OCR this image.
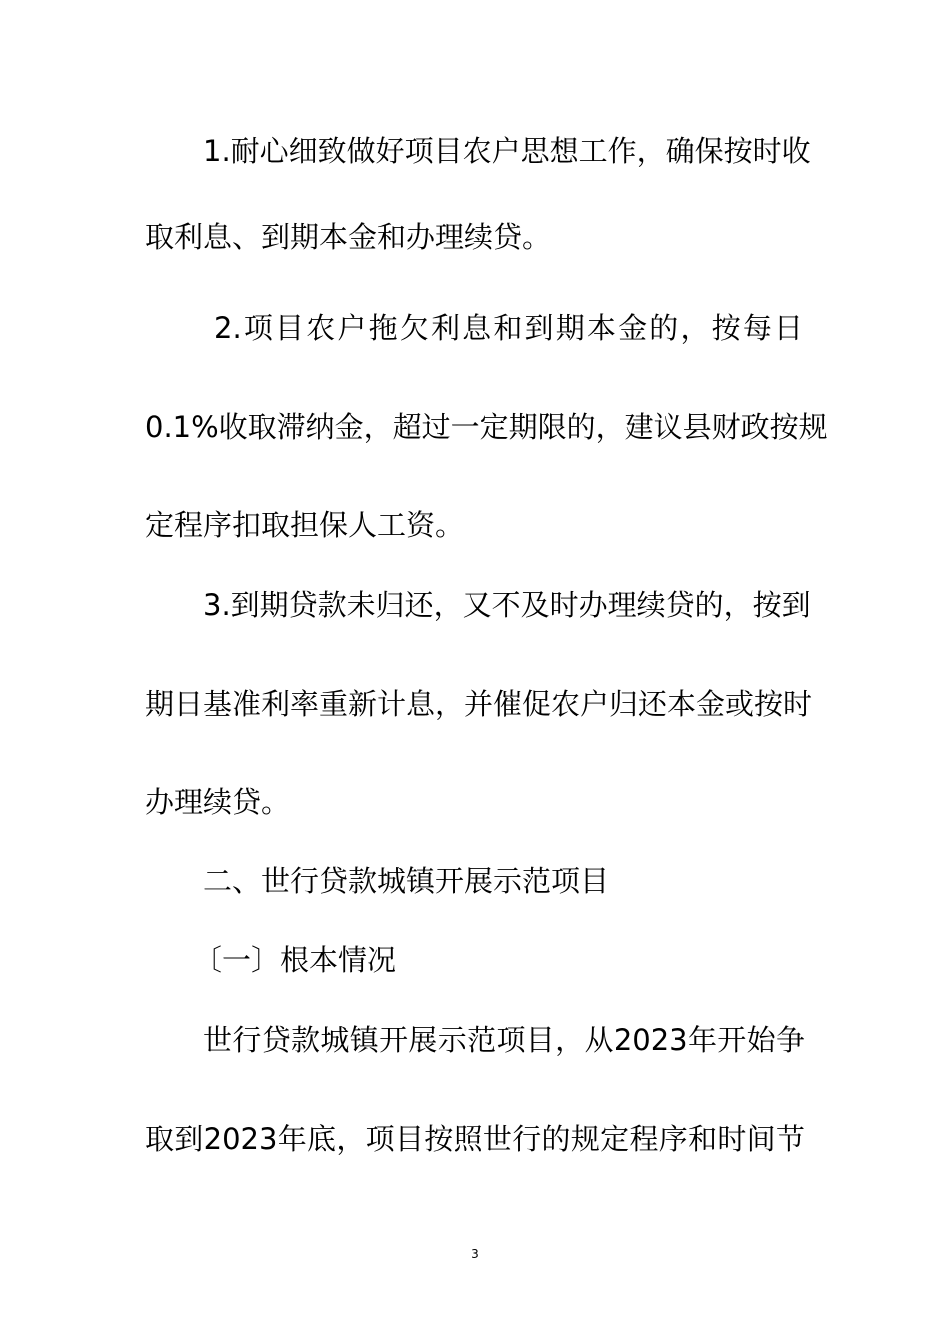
1.耐心细致做好项目农户思想工作，确保按时收
取利息、到期本金和办理续贷。
2.项目农户拖欠利息和到期本金的，按每日
0.1%收取滞纳金，超过一定期限的，建议县财政按规
定程序扣取担保人工资。
3.到期贷款未归还，又不及时办理续贷的，按到
期日基准利率重新计息，并催促农户归还本金或按时
办理续贷。
二、世行贷款城镇开展示范项目
〔一〕根本情况
世行贷款城镇开展示范项目，从2023年开始争
取到2023年底，项目按照世行的规定程序和时间节
3
